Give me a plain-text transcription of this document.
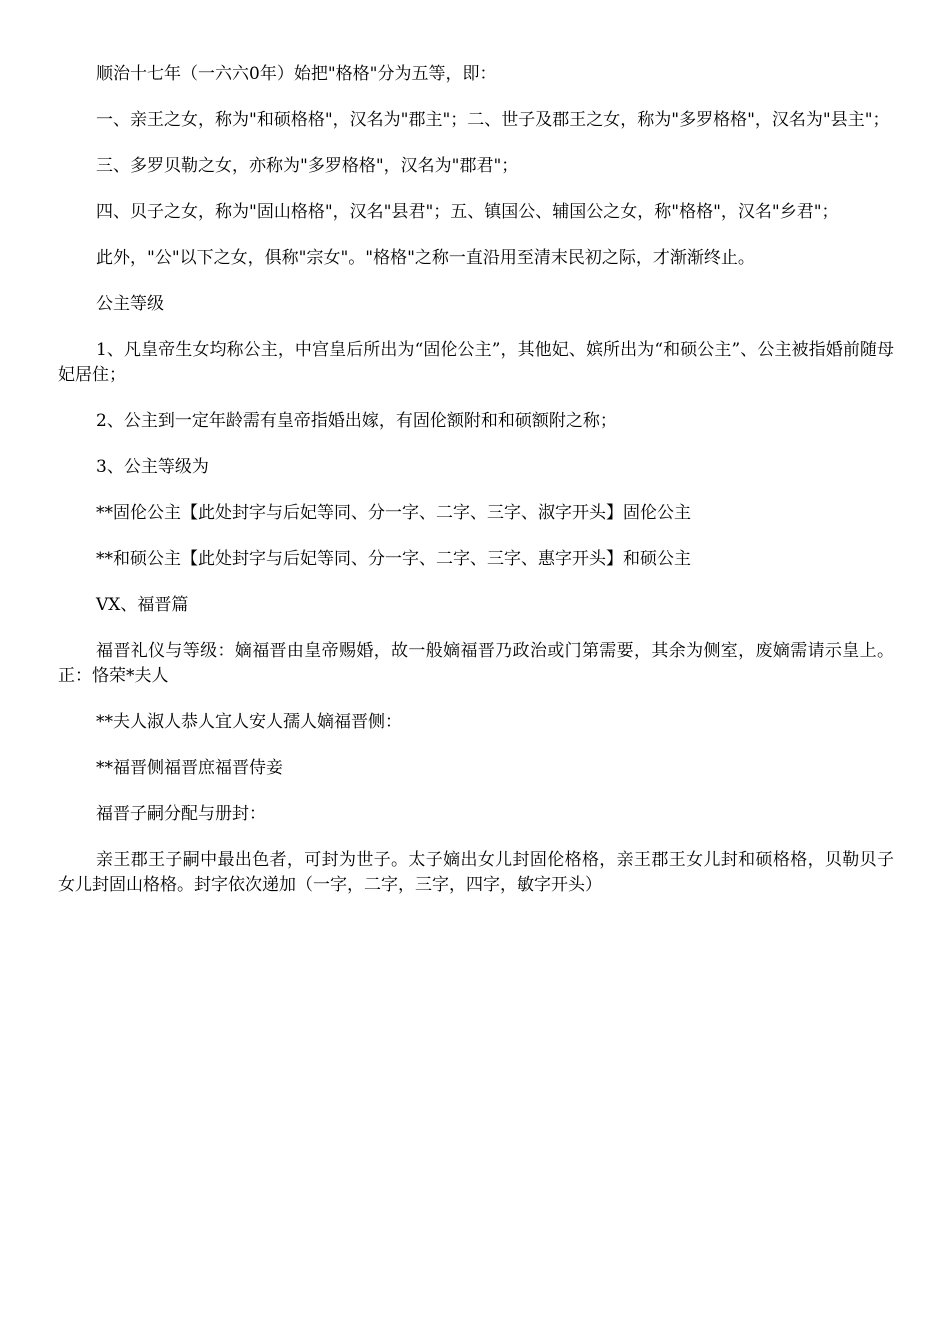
顺治十七年（一六六0年）始把"格格"分为五等，即：

一、亲王之女，称为"和硕格格"，汉名为"郡主"；二、世子及郡王之女，称为"多罗格格"，汉名为"县主"；

三、多罗贝勒之女，亦称为"多罗格格"，汉名为"郡君"；

四、贝子之女，称为"固山格格"，汉名"县君"；五、镇国公、辅国公之女，称"格格"，汉名"乡君"；

此外，"公"以下之女，俱称"宗女"。"格格"之称一直沿用至清末民初之际，才渐渐终止。

公主等级

1、凡皇帝生女均称公主，中宫皇后所出为“固伦公主”，其他妃、嫔所出为“和硕公主”、公主被指婚前随母妃居住；

2、公主到一定年龄需有皇帝指婚出嫁，有固伦额附和和硕额附之称；

3、公主等级为

**固伦公主【此处封字与后妃等同、分一字、二字、三字、淑字开头】固伦公主

**和硕公主【此处封字与后妃等同、分一字、二字、三字、惠字开头】和硕公主

VX、福晋篇

福晋礼仪与等级：嫡福晋由皇帝赐婚，故一般嫡福晋乃政治或门第需要，其余为侧室，废嫡需请示皇上。正：恪荣*夫人

**夫人淑人恭人宜人安人孺人嫡福晋侧：

**福晋侧福晋庶福晋侍妾

福晋子嗣分配与册封：

亲王郡王子嗣中最出色者，可封为世子。太子嫡出女儿封固伦格格，亲王郡王女儿封和硕格格，贝勒贝子女儿封固山格格。封字依次递加（一字，二字，三字，四字，敏字开头）
